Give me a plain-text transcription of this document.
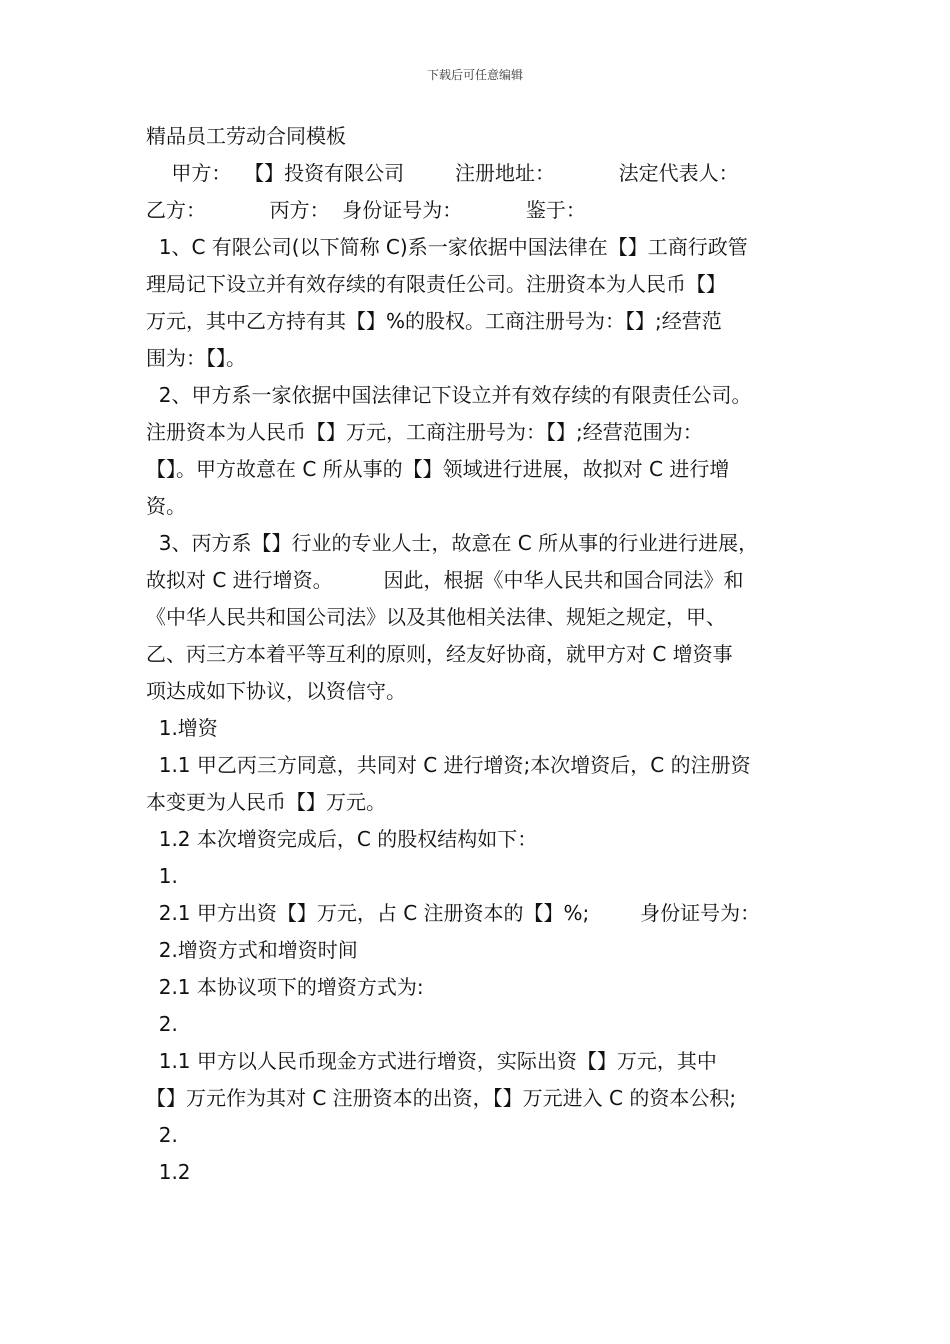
下载后可任意编辑
精品员工劳动合同模板
甲方：  【】投资有限公司        注册地址：          法定代表人：
乙方：          丙方：  身份证号为：          鉴于：
1、C 有限公司(以下简称 C)系一家依据中国法律在【】工商行政管
理局记下设立并有效存续的有限责任公司。注册资本为人民币【】
万元，其中乙方持有其【】%的股权。工商注册号为：【】;经营范
围为：【】。
2、甲方系一家依据中国法律记下设立并有效存续的有限责任公司。
注册资本为人民币【】万元，工商注册号为：【】;经营范围为：
【】。甲方故意在 C 所从事的【】领域进行进展，故拟对 C 进行增
资。
3、丙方系【】行业的专业人士，故意在 C 所从事的行业进行进展，
故拟对 C 进行增资。        因此，根据《中华人民共和国合同法》和
《中华人民共和国公司法》以及其他相关法律、规矩之规定，甲、
乙、丙三方本着平等互利的原则，经友好协商，就甲方对 C 增资事
项达成如下协议，以资信守。
1.增资
1.1 甲乙丙三方同意，共同对 C 进行增资;本次增资后，C 的注册资
本变更为人民币【】万元。
1.2 本次增资完成后，C 的股权结构如下：
1.
2.1 甲方出资【】万元，占 C 注册资本的【】%;        身份证号为：
2.增资方式和增资时间
2.1 本协议项下的增资方式为:
2.
1.1 甲方以人民币现金方式进行增资，实际出资【】万元，其中
【】万元作为其对 C 注册资本的出资，【】万元进入 C 的资本公积;
2.
1.2
